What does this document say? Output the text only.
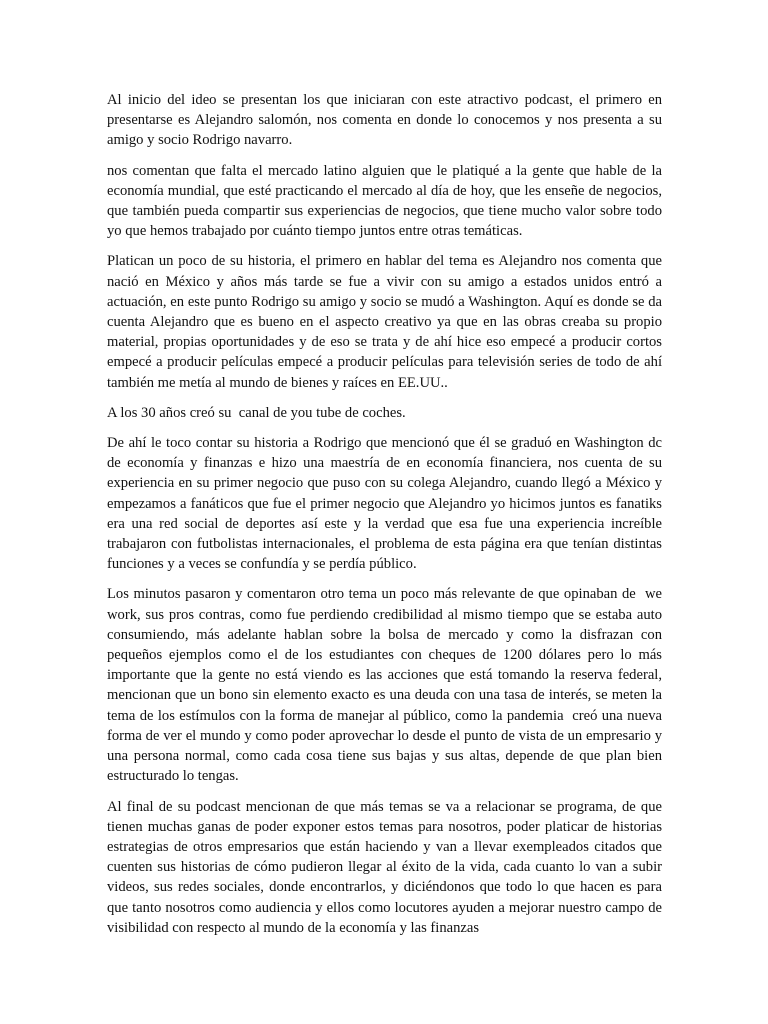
Al inicio del ideo se presentan los que iniciaran con este atractivo podcast, el primero en presentarse es Alejandro salomón, nos comenta en donde lo conocemos y nos presenta a su amigo y socio Rodrigo navarro.

nos comentan que falta el mercado latino alguien que le platiqué a la gente que hable de la economía mundial, que esté practicando el mercado al día de hoy, que les enseñe de negocios, que también pueda compartir sus experiencias de negocios, que tiene mucho valor sobre todo yo que hemos trabajado por cuánto tiempo juntos entre otras temáticas.

Platican un poco de su historia, el primero en hablar del tema es Alejandro nos comenta que nació en México y años más tarde se fue a vivir con su amigo a estados unidos entró a actuación, en este punto Rodrigo su amigo y socio se mudó a Washington. Aquí es donde se da cuenta Alejandro que es bueno en el aspecto creativo ya que en las obras creaba su propio material, propias oportunidades y de eso se trata y de ahí hice eso empecé a producir cortos empecé a producir películas empecé a producir películas para televisión series de todo de ahí también me metía al mundo de bienes y raíces en EE.UU..

A los 30 años creó su  canal de you tube de coches.

De ahí le toco contar su historia a Rodrigo que mencionó que él se graduó en Washington dc de economía y finanzas e hizo una maestría de en economía financiera, nos cuenta de su experiencia en su primer negocio que puso con su colega Alejandro, cuando llegó a México y empezamos a fanáticos que fue el primer negocio que Alejandro yo hicimos juntos es fanatiks era una red social de deportes así este y la verdad que esa fue una experiencia increíble trabajaron con futbolistas internacionales, el problema de esta página era que tenían distintas funciones y a veces se confundía y se perdía público.

Los minutos pasaron y comentaron otro tema un poco más relevante de que opinaban de  we work, sus pros contras, como fue perdiendo credibilidad al mismo tiempo que se estaba auto consumiendo, más adelante hablan sobre la bolsa de mercado y como la disfrazan con pequeños ejemplos como el de los estudiantes con cheques de 1200 dólares pero lo más importante que la gente no está viendo es las acciones que está tomando la reserva federal, mencionan que un bono sin elemento exacto es una deuda con una tasa de interés, se meten la tema de los estímulos con la forma de manejar al público, como la pandemia  creó una nueva forma de ver el mundo y como poder aprovechar lo desde el punto de vista de un empresario y una persona normal, como cada cosa tiene sus bajas y sus altas, depende de que plan bien estructurado lo tengas.

Al final de su podcast mencionan de que más temas se va a relacionar se programa, de que tienen muchas ganas de poder exponer estos temas para nosotros, poder platicar de historias estrategias de otros empresarios que están haciendo y van a llevar exempleados citados que cuenten sus historias de cómo pudieron llegar al éxito de la vida, cada cuanto lo van a subir videos, sus redes sociales, donde encontrarlos, y diciéndonos que todo lo que hacen es para que tanto nosotros como audiencia y ellos como locutores ayuden a mejorar nuestro campo de visibilidad con respecto al mundo de la economía y las finanzas
